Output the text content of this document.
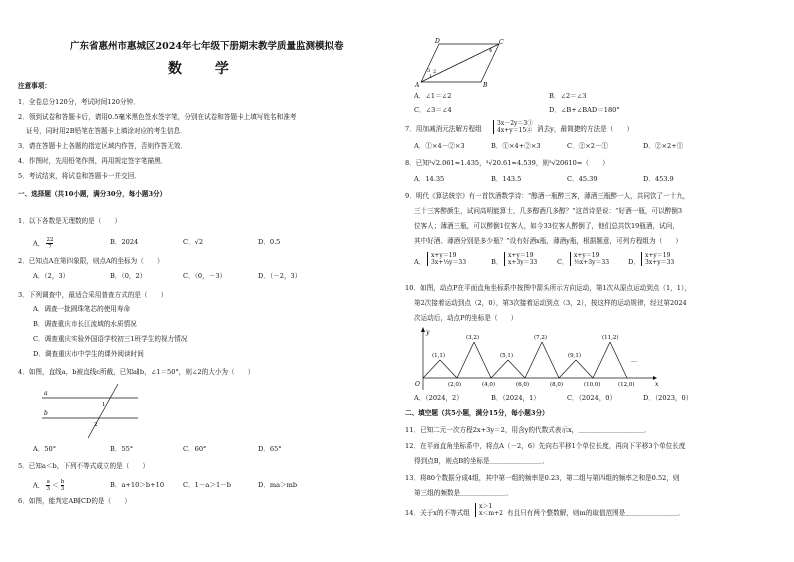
广东省惠州市惠城区2024年七年级下册期末教学质量监测模拟卷
数 学
注意事项：
1．全卷总分120分，考试时间120分钟．
2．领到试卷和答题卡后，请用0.5毫米黑色签水签字笔，分别在试卷和答题卡上填写姓名和准考
证号，同时用2B铅笔在答题卡上填涂对应的考生信息．
3．请在答题卡上各题的指定区域内作答，否则作答无效．
4．作图时，先用铅笔作图，再用规定签字笔描黑．
5．考试结束，将试卷和答题卡一并交回．
一、选择题（共10小题，满分30分，每小题3分）
1．以下各数是无理数的是（　　）
A． $\frac{22}{7}$	B．2024	C．√2	D．0.5
2．已知点A在第四象限，则点A的坐标为（　　）
A．（2，3）	B．（0，2）	C．（0，－3）	D．（－2，3）
3．下列调查中，最适合采用普查方式的是（　　）
A．调查一批圆珠笔芯的使用寿命
B．调查重庆市长江流域的水质情况
C．调查重庆实验外国语学校初三1班学生的视力情况
D．调查重庆市中学生的课外阅读时间
4．如图，直线a，b被直线c所截，已知a∥b，∠1＝50°，则∠2的大小为（　　）
a
b
1
2
A．50°	B．55°	C．60°	D．65°
5．已知a＜b，下列不等式成立的是（　　）
A． $\frac{a}{3} < \frac{b}{3}$	B．a+10＞b+10	C．1－a＞1－b	D．ma＞mb
6．如图，能判定AB∥CD的是（　　）
A	B
C
D
1
2
3
4
A．∠1＝∠2	B．∠2＝∠3
C．∠3＝∠4	D．∠B+∠BAD＝180°
7．用加减消元法解方程组
3x－2y＝3①
4x+y＝15② 消去y，最简捷的方法是（　　）
A．①×4－②×3	B．①×4+②×3	C．②×2－①	D．②×2+①
8．已知³√2.061≈1.435，³√20.61≈4.539，则³√20610≈（　　）
A．14.35	B．143.5	C．45.39	D．453.9
9．明代《算法统宗》有一首饮酒数学诗：“醇酒一瓶醉三客，薄酒三瓶醉一人，共同饮了一十九，
三十三客醉颜生，试问高明能算士，几多醇酒几多醇？”这首诗是说：“好酒一瓶，可以醉倒3
位客人；薄酒三瓶，可以醉倒1位客人，如今33位客人醉倒了，他们总共饮19瓶酒，试问，
其中好酒、薄酒分别是多少瓶？”设有好酒x瓶，薄酒y瓶，根据题意，可列方程组为（　　）
A．
x+y＝19
3x+⅓y＝33	B．
x+y＝19
x+3y＝33	C．
x+y＝19
⅓x+3y＝33	D．
x+y＝19
3x+y＝33
10．如图，动点P在平面直角坐标系中按图中箭头所示方向运动，第1次从原点运动到点（1，1），
第2次接着运动到点（2，0），第3次接着运动到点（3，2），按这样的运动规律，经过第2024
次运动后，动点P的坐标是（　　）
O	x
y
(1,1)
(3,2)
(5,1)
(7,2)
(9,1)
(11,2)
(2,0)	(4,0)	(6,0)	(8,0)	(10,0)	(12,0)
…
A．（2024，2）	B．（2024，1）	C．（2024，0）	D．（2023，0）
二、填空题（共5小题，满分15分，每小题3分）
11．已知二元一次方程2x+3y＝2，用含y的代数式表示x，＿＿＿＿＿＿＿＿＿＿．
12．在平面直角坐标系中，将点A（－2，6）先向右平移1个单位长度，再向下平移3个单位长度
得到点B，则点B的坐标是＿＿＿＿＿＿＿＿．
13．将80个数据分成4组，其中第一组的频率是0.23，第二组与第四组的频率之和是0.52，则
第三组的频数是＿＿＿＿＿＿＿．
14．关于x的不等式组
x＞1
x＜m+2 有且只有两个整数解，则m的取值范围是＿＿＿＿＿＿＿＿．
